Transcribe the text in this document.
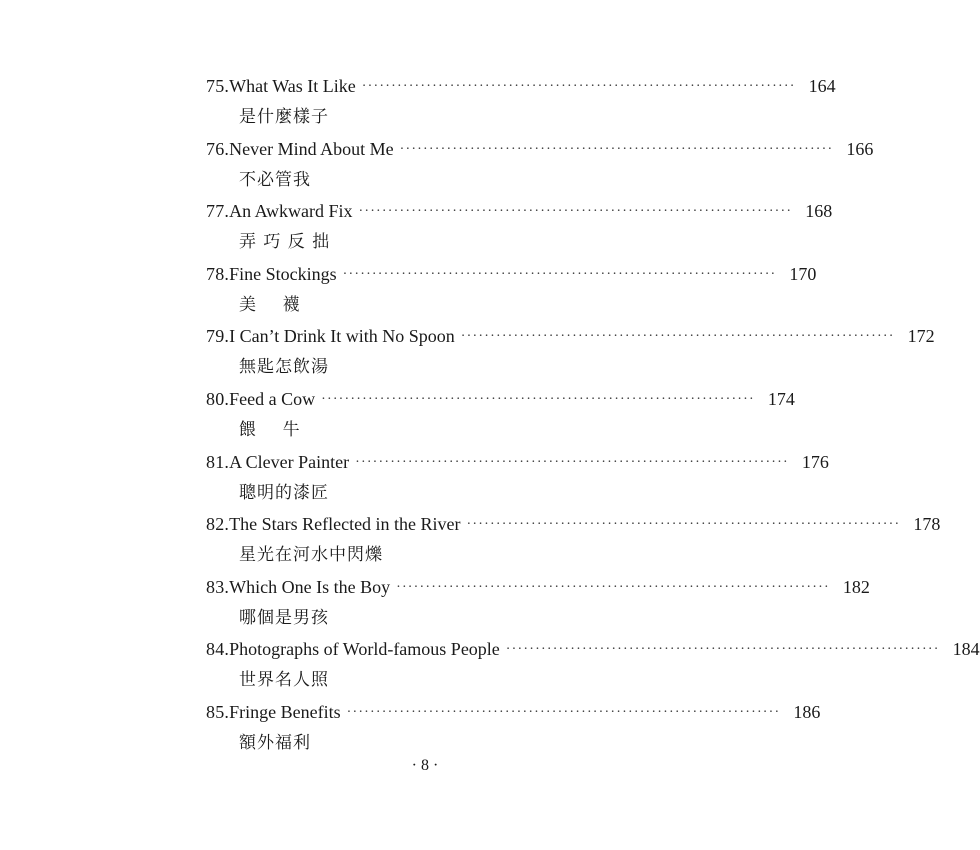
75. What Was It Like ·········································································· 164
是什麼樣子
76. Never Mind About Me ·········································································· 166
不必管我
77. An Awkward Fix ·········································································· 168
弄 巧 反 拙
78. Fine Stockings ·········································································· 170
美    襪
79. I Can’t Drink It with No Spoon ·········································································· 172
無匙怎飲湯
80. Feed a Cow ·········································································· 174
餵    牛
81. A Clever Painter ·········································································· 176
聰明的漆匠
82. The Stars Reflected in the River ·········································································· 178
星光在河水中閃爍
83. Which One Is the Boy ·········································································· 182
哪個是男孩
84. Photographs of World-famous People ·········································································· 184
世界名人照
85. Fringe Benefits ·········································································· 186
額外福利
· 8 ·
